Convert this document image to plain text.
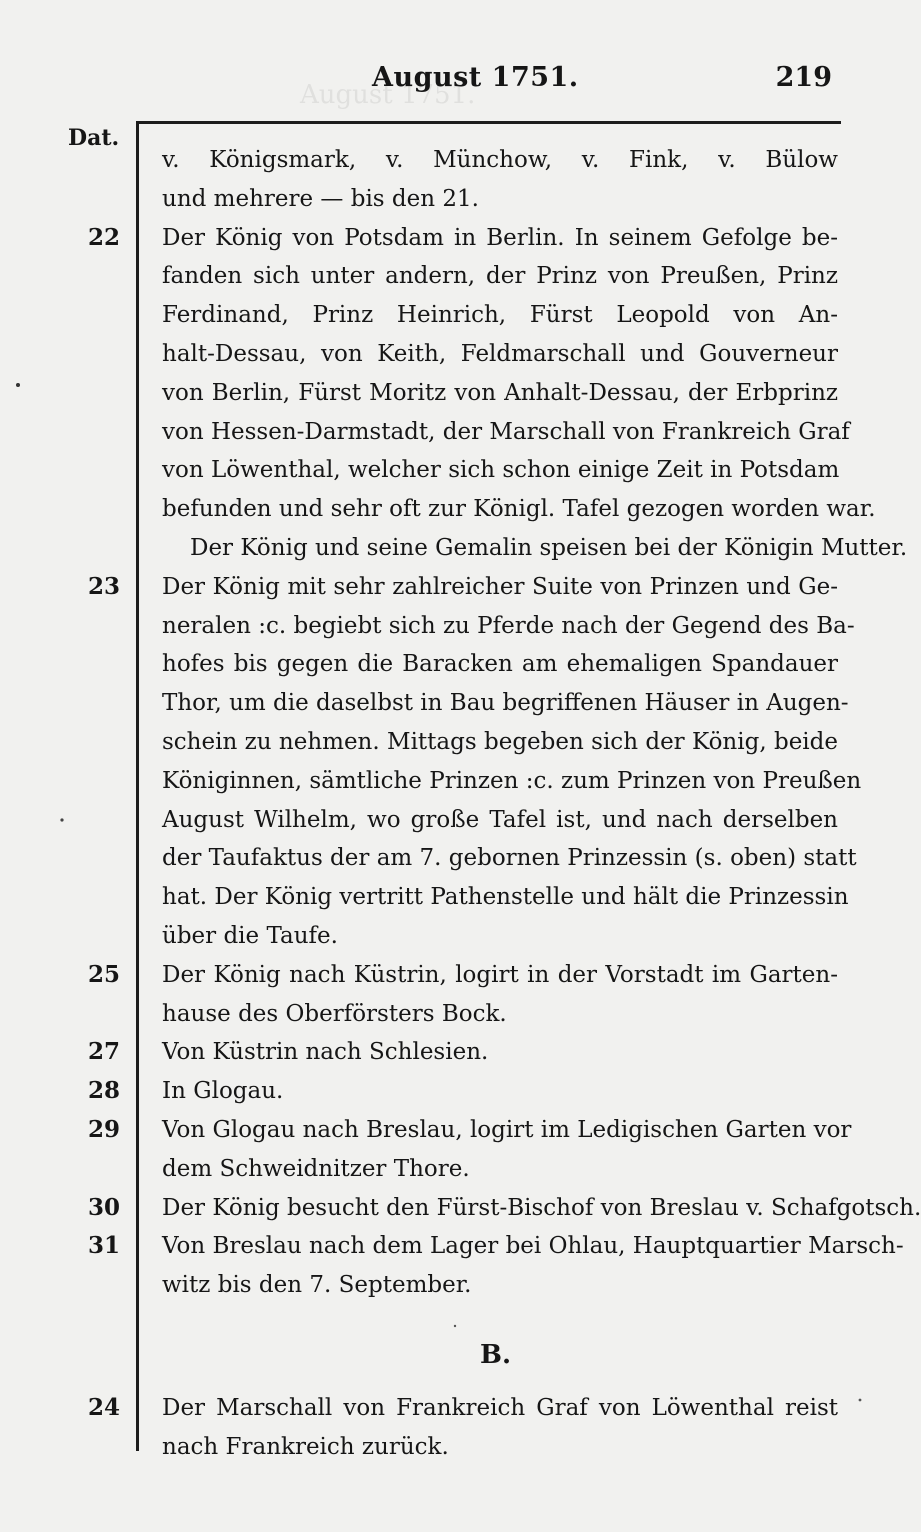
August 1751.
August 1751.	219
Dat.
v. Königsmark, v. Münchow, v. Fink, v. Bülow
und mehrere — bis den 21.
22 Der König von Potsdam in Berlin. In seinem Gefolge be-
fanden sich unter andern, der Prinz von Preußen, Prinz
Ferdinand, Prinz Heinrich, Fürst Leopold von An-
halt-Dessau, von Keith, Feldmarschall und Gouverneur
von Berlin, Fürst Moritz von Anhalt-Dessau, der Erbprinz
von Hessen-Darmstadt, der Marschall von Frankreich Graf
von Löwenthal, welcher sich schon einige Zeit in Potsdam
befunden und sehr oft zur Königl. Tafel gezogen worden war.
Der König und seine Gemalin speisen bei der Königin Mutter.
23 Der König mit sehr zahlreicher Suite von Prinzen und Ge-
neralen :c. begiebt sich zu Pferde nach der Gegend des Ba-
hofes bis gegen die Baracken am ehemaligen Spandauer
Thor, um die daselbst in Bau begriffenen Häuser in Augen-
schein zu nehmen. Mittags begeben sich der König, beide
Königinnen, sämtliche Prinzen :c. zum Prinzen von Preußen
August Wilhelm, wo große Tafel ist, und nach derselben
der Taufaktus der am 7. gebornen Prinzessin (s. oben) statt
hat. Der König vertritt Pathenstelle und hält die Prinzessin
über die Taufe.
25 Der König nach Küstrin, logirt in der Vorstadt im Garten-
hause des Oberförsters Bock.
27 Von Küstrin nach Schlesien.
28 In Glogau.
29 Von Glogau nach Breslau, logirt im Ledigischen Garten vor
dem Schweidnitzer Thore.
30 Der König besucht den Fürst-Bischof von Breslau v. Schafgotsch.
31 Von Breslau nach dem Lager bei Ohlau, Hauptquartier Marsch-
witz bis den 7. September.
B.
24 Der Marschall von Frankreich Graf von Löwenthal reist
nach Frankreich zurück.
